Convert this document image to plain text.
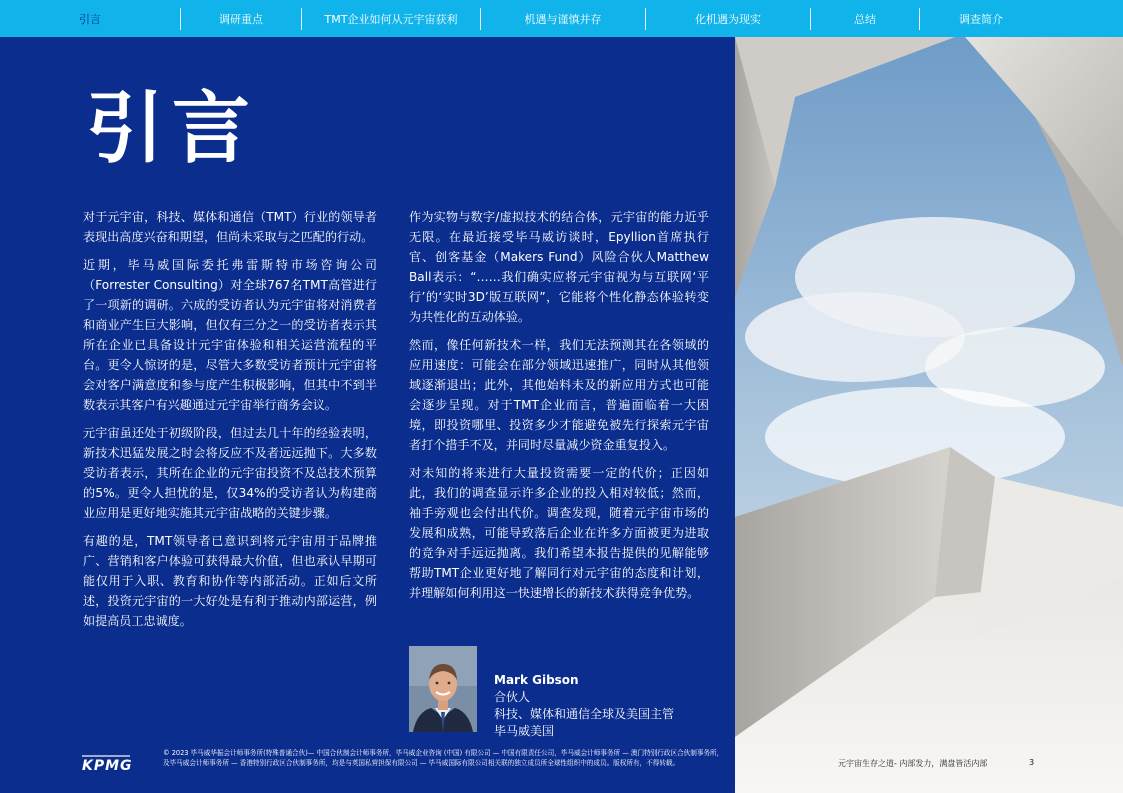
引言	调研重点	TMT企业如何从元宇宙获利	机遇与谨慎并存	化机遇为现实	总结	调查简介
引言

对于元宇宙，科技、媒体和通信（TMT）行业的领导者表现出高度兴奋和期望，但尚未采取与之匹配的行动。

近期，毕马威国际委托弗雷斯特市场咨询公司（Forrester Consulting）对全球767名TMT高管进行了一项新的调研。六成的受访者认为元宇宙将对消费者和商业产生巨大影响，但仅有三分之一的受访者表示其所在企业已具备设计元宇宙体验和相关运营流程的平台。更令人惊讶的是，尽管大多数受访者预计元宇宙将会对客户满意度和参与度产生积极影响，但其中不到半数表示其客户有兴趣通过元宇宙举行商务会议。

元宇宙虽还处于初级阶段，但过去几十年的经验表明，新技术迅猛发展之时会将反应不及者远远抛下。大多数受访者表示，其所在企业的元宇宙投资不及总技术预算的5%。更令人担忧的是，仅34%的受访者认为构建商业应用是更好地实施其元宇宙战略的关键步骤。

有趣的是，TMT领导者已意识到将元宇宙用于品牌推广、营销和客户体验可获得最大价值，但也承认早期可能仅用于入职、教育和协作等内部活动。正如后文所述，投资元宇宙的一大好处是有利于推动内部运营，例如提高员工忠诚度。

作为实物与数字/虚拟技术的结合体，元宇宙的能力近乎无限。在最近接受毕马威访谈时，Epyllion首席执行官、创客基金（Makers Fund）风险合伙人Matthew Ball表示：“……我们确实应将元宇宙视为与互联网‘平行’的‘实时3D’版互联网”，它能将个性化静态体验转变为共性化的互动体验。

然而，像任何新技术一样，我们无法预测其在各领域的应用速度：可能会在部分领域迅速推广，同时从其他领域逐渐退出；此外，其他始料未及的新应用方式也可能会逐步呈现。对于TMT企业而言，普遍面临着一大困境，即投资哪里、投资多少才能避免被先行探索元宇宙者打个措手不及，并同时尽量减少资金重复投入。

对未知的将来进行大量投资需要一定的代价；正因如此，我们的调查显示许多企业的投入相对较低；然而，袖手旁观也会付出代价。调查发现，随着元宇宙市场的发展和成熟，可能导致落后企业在许多方面被更为进取的竞争对手远远抛离。我们希望本报告提供的见解能够帮助TMT企业更好地了解同行对元宇宙的态度和计划，并理解如何利用这一快速增长的新技术获得竞争优势。

Mark Gibson
合伙人
科技、媒体和通信全球及美国主管
毕马威美国
KPMG
© 2023 毕马威华振会计师事务所(特殊普通合伙)— 中国合伙制会计师事务所，毕马威企业咨询 (中国) 有限公司 — 中国有限责任公司，毕马威会计师事务所 — 澳门特别行政区合伙制事务所，及毕马威会计师事务所 — 香港特别行政区合伙制事务所，均是与英国私营担保有限公司 — 毕马威国际有限公司相关联的独立成员所全球性组织中的成员。版权所有，不得转载。	元宇宙生存之道- 内部发力，满盘皆活内部	3
